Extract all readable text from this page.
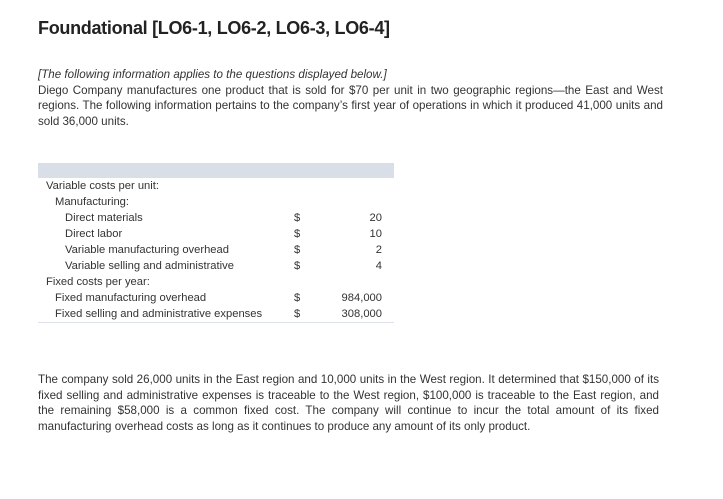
Foundational [LO6-1, LO6-2, LO6-3, LO6-4]
[The following information applies to the questions displayed below.]
Diego Company manufactures one product that is sold for $70 per unit in two geographic regions—the East and West regions. The following information pertains to the company’s first year of operations in which it produced 41,000 units and sold 36,000 units.
Variable costs per unit:		
Manufacturing:		
Direct materials	$	20
Direct labor	$	10
Variable manufacturing overhead	$	2
Variable selling and administrative	$	4
Fixed costs per year:		
Fixed manufacturing overhead	$	984,000
Fixed selling and administrative expenses	$	308,000
The company sold 26,000 units in the East region and 10,000 units in the West region. It determined that $150,000 of its fixed selling and administrative expenses is traceable to the West region, $100,000 is traceable to the East region, and the remaining $58,000 is a common fixed cost. The company will continue to incur the total amount of its fixed manufacturing overhead costs as long as it continues to produce any amount of its only product.
